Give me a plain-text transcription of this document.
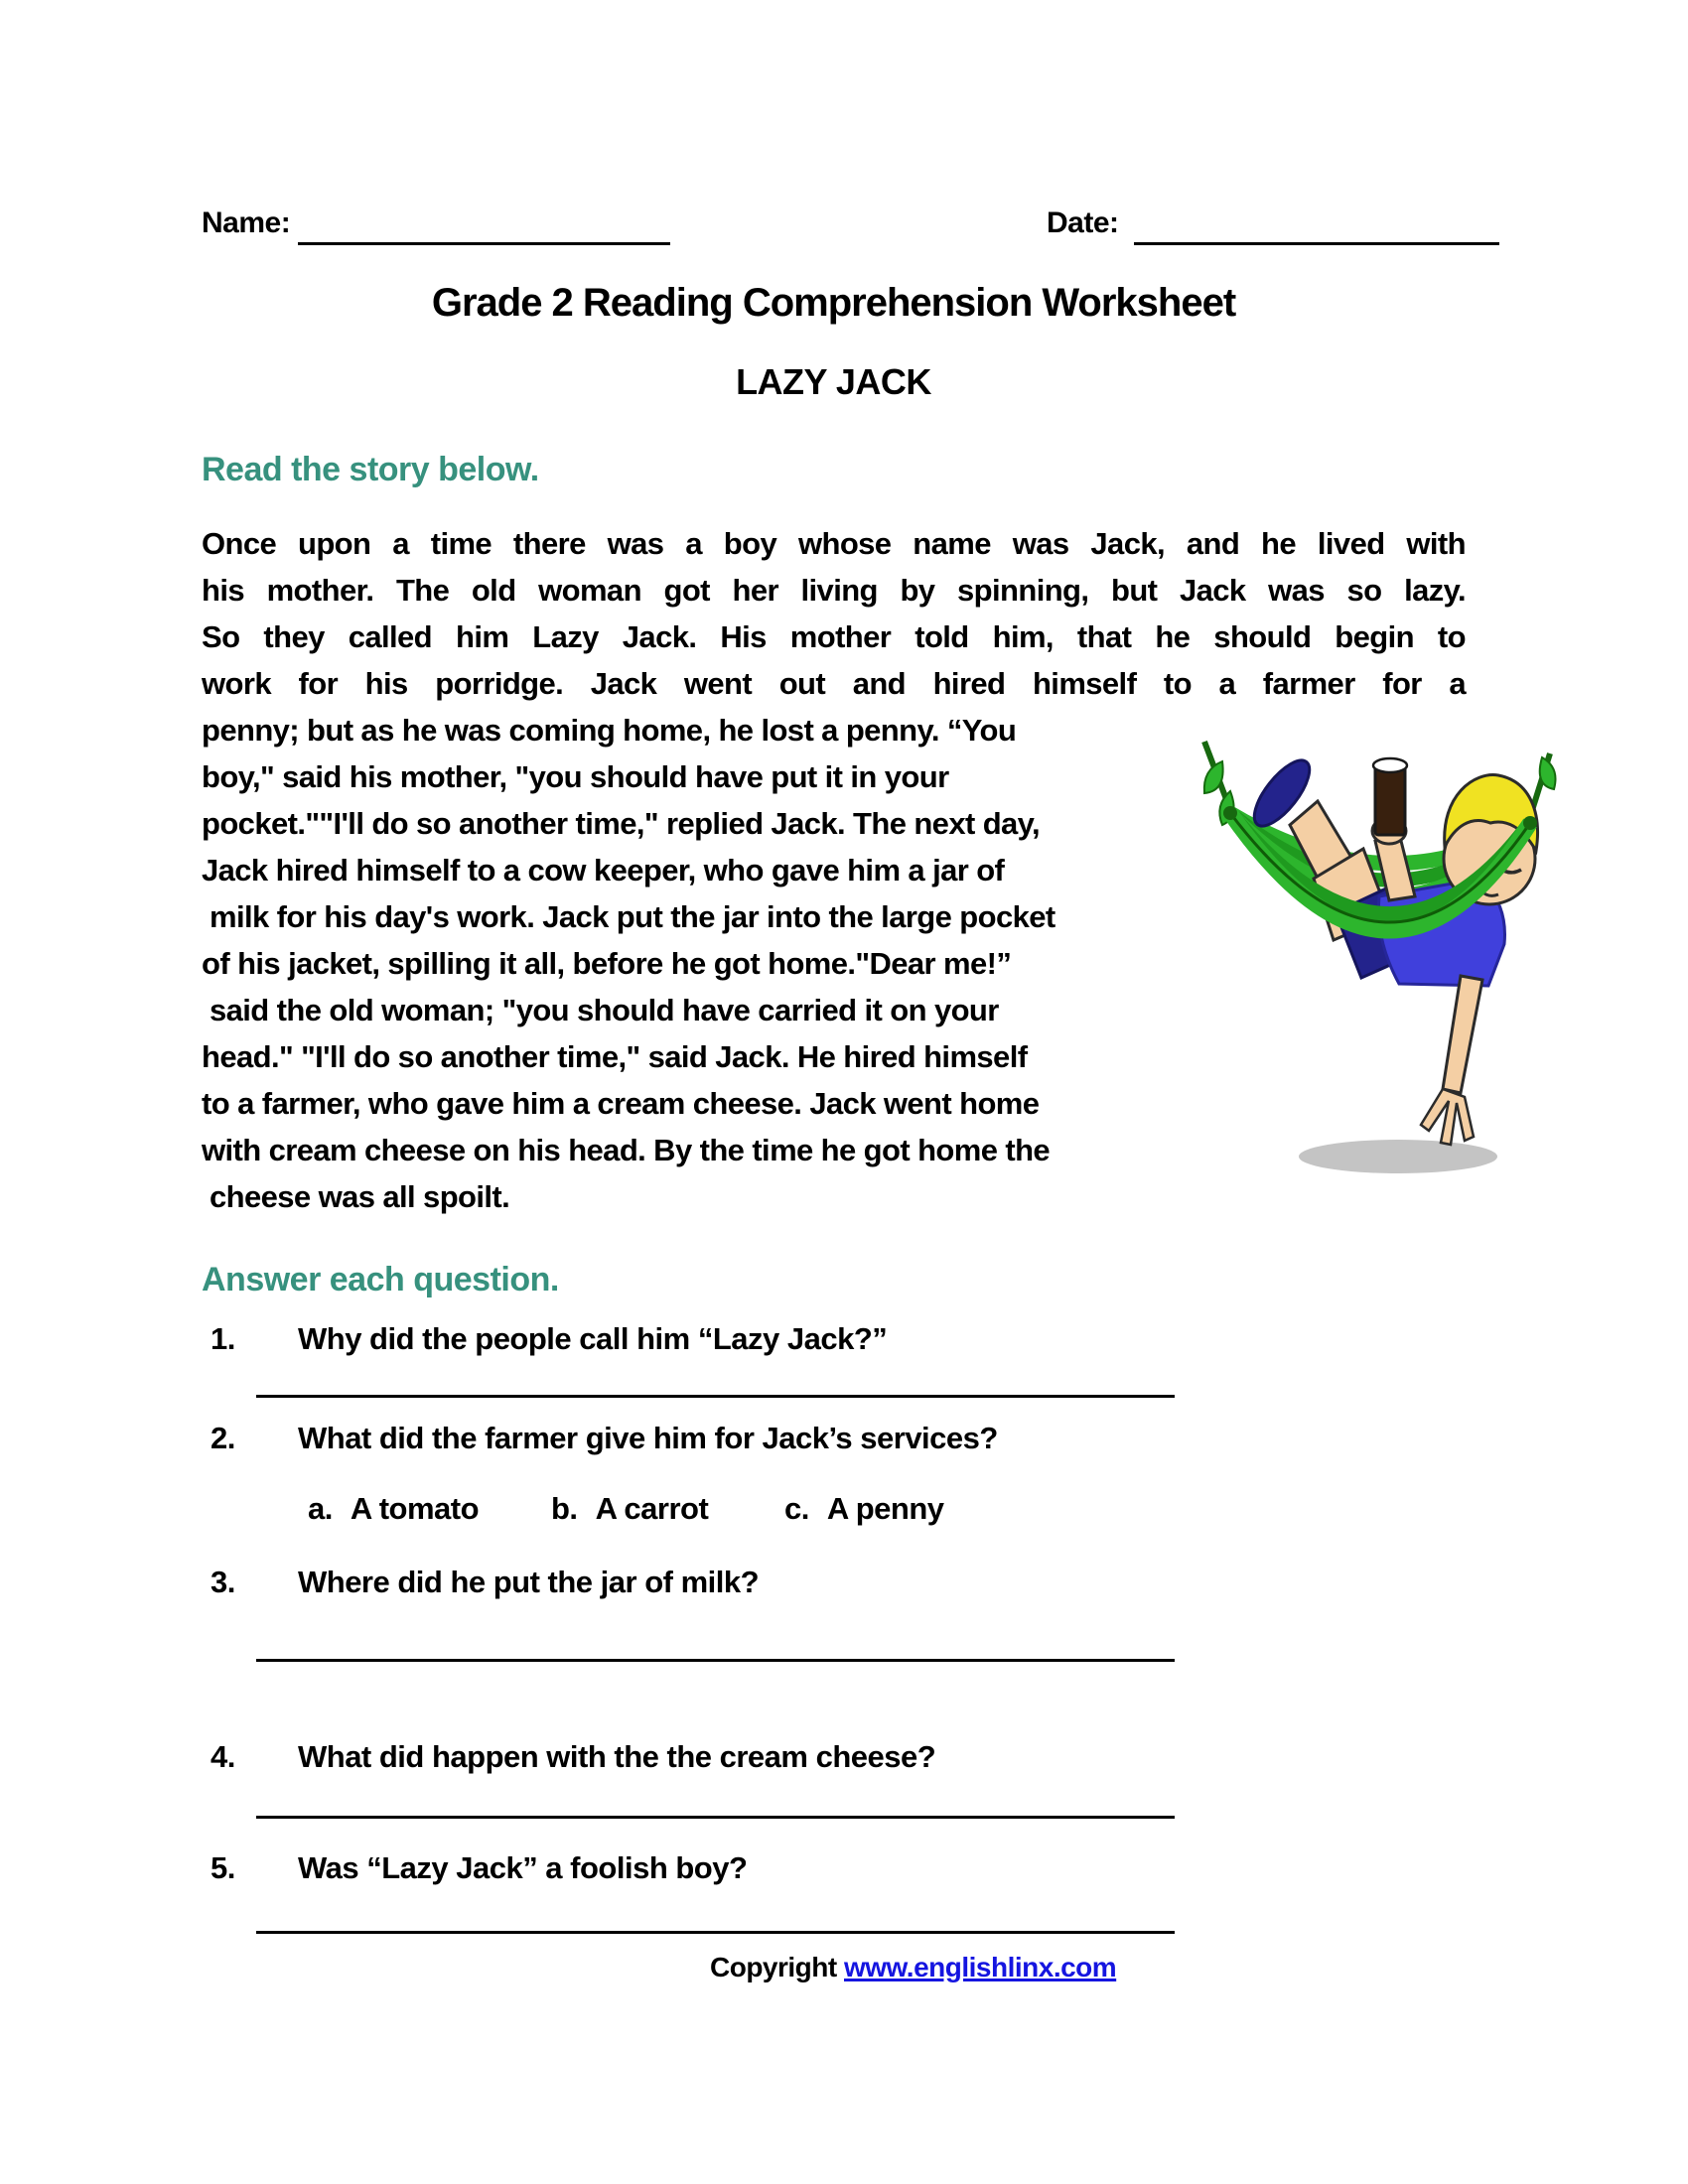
Name:	Date:
Grade 2 Reading Comprehension Worksheet
LAZY JACK
Read the story below.
Once upon a time there was a boy whose name was Jack, and he lived with
his mother. The old woman got her living by spinning, but Jack was so lazy.
So they called him Lazy Jack. His mother told him, that he should begin to
work for his porridge. Jack went out and hired himself to a farmer for a
penny; but as he was coming home, he lost a penny. “You
boy," said his mother, "you should have put it in your
pocket.""I'll do so another time," replied Jack. The next day,
Jack hired himself to a cow keeper, who gave him a jar of
milk for his day's work. Jack put the jar into the large pocket
of his jacket, spilling it all, before he got home."Dear me!”
said the old woman; "you should have carried it on your
head." "I'll do so another time," said Jack. He hired himself
to a farmer, who gave him a cream cheese. Jack went home
with cream cheese on his head. By the time he got home the
cheese was all spoilt.
Answer each question.
1.	Why did the people call him “Lazy Jack?”
2.	What did the farmer give him for Jack’s services?
a. A tomato b. A carrot c. A penny
3.	Where did he put the jar of milk?
4.	What did happen with the the cream cheese?
5.	Was “Lazy Jack” a foolish boy?
Copyright www.englishlinx.com
